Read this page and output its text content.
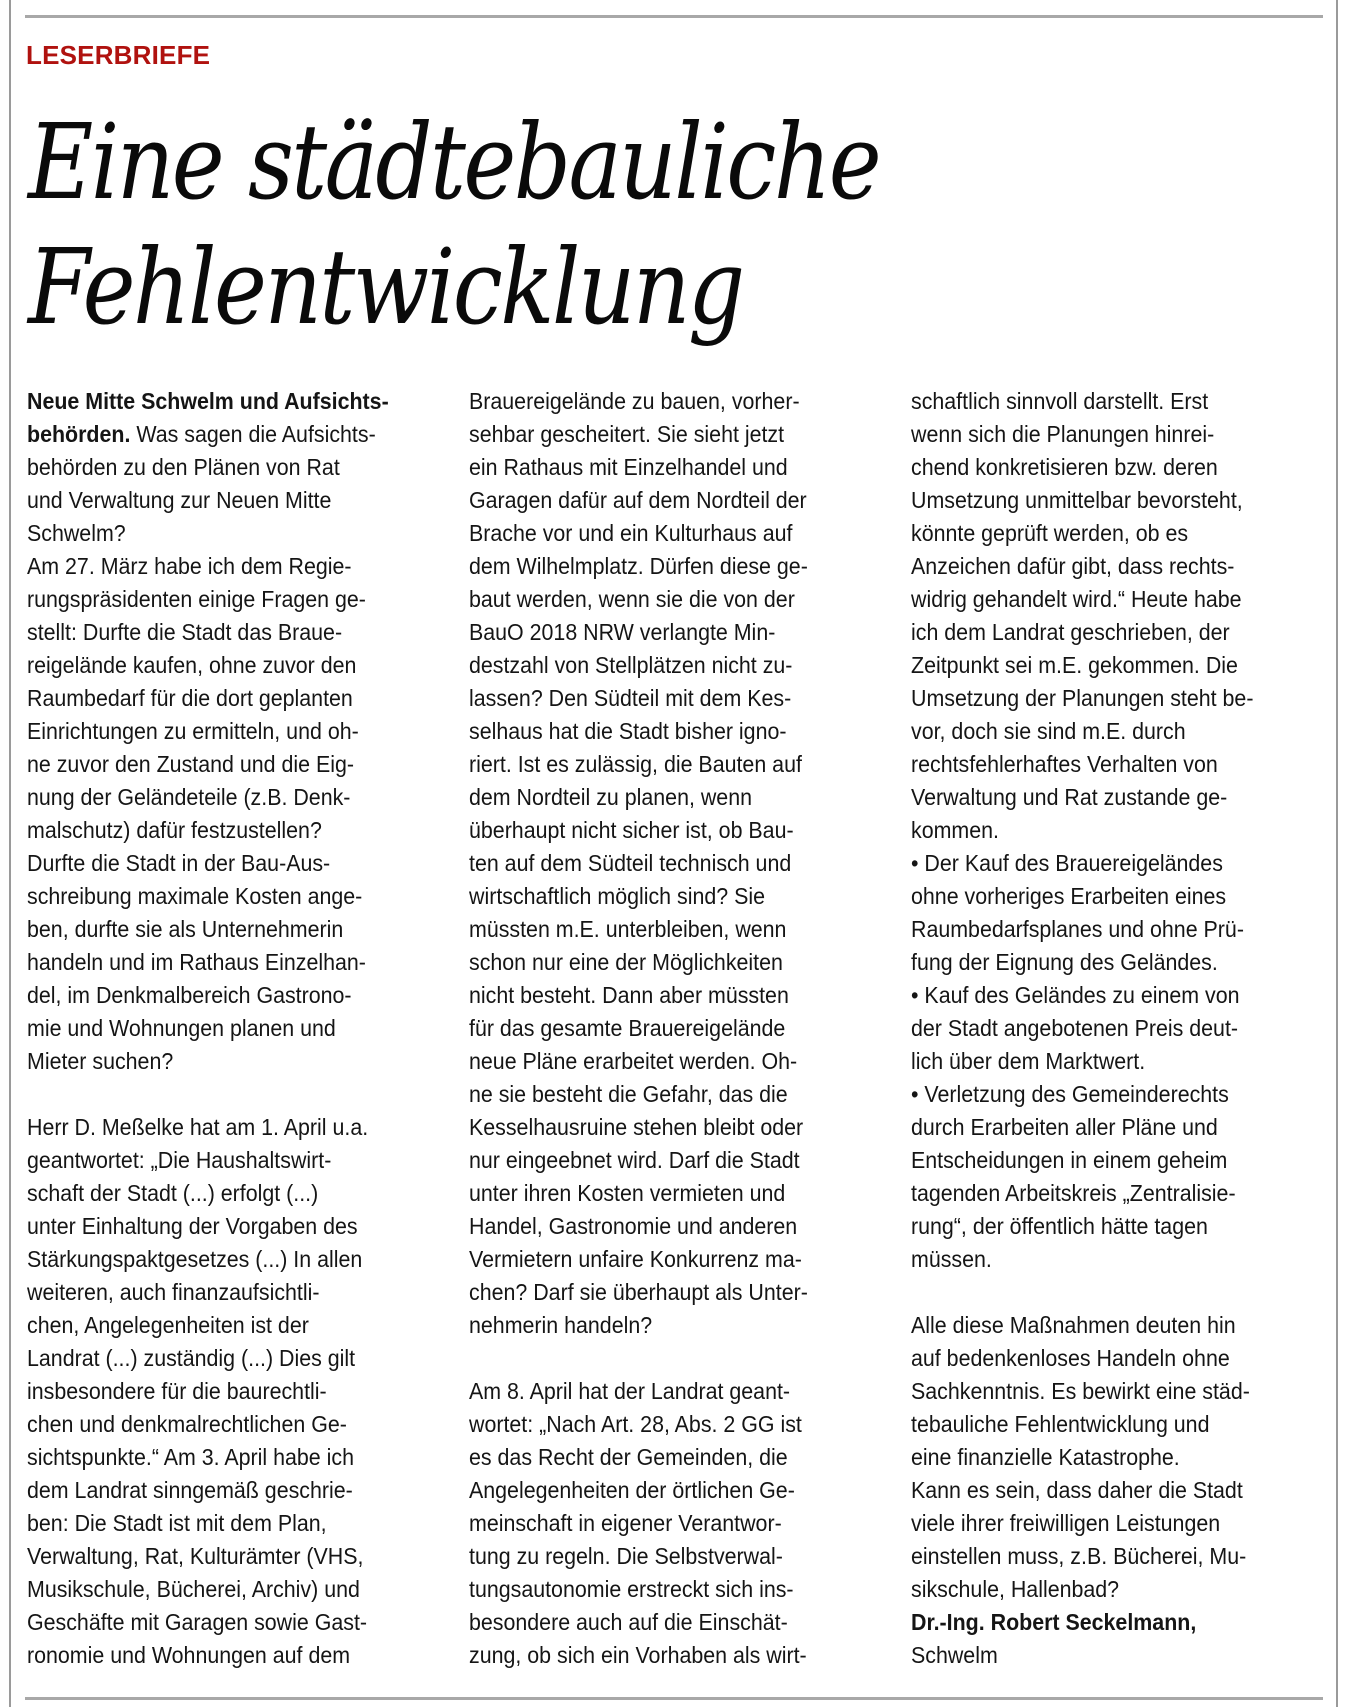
LESERBRIEFE
Eine städtebauliche
Fehlentwicklung
Neue Mitte Schwelm und Aufsichts-
behörden. Was sagen die Aufsichts-
behörden zu den Plänen von Rat
und Verwaltung zur Neuen Mitte
Schwelm?
Am 27. März habe ich dem Regie-
rungspräsidenten einige Fragen ge-
stellt: Durfte die Stadt das Braue-
reigelände kaufen, ohne zuvor den
Raumbedarf für die dort geplanten
Einrichtungen zu ermitteln, und oh-
ne zuvor den Zustand und die Eig-
nung der Geländeteile (z.B. Denk-
malschutz) dafür festzustellen?
Durfte die Stadt in der Bau-Aus-
schreibung maximale Kosten ange-
ben, durfte sie als Unternehmerin
handeln und im Rathaus Einzelhan-
del, im Denkmalbereich Gastrono-
mie und Wohnungen planen und
Mieter suchen?
Herr D. Meßelke hat am 1. April u.a.
geantwortet: „Die Haushaltswirt-
schaft der Stadt (...) erfolgt (...)
unter Einhaltung der Vorgaben des
Stärkungspaktgesetzes (...) In allen
weiteren, auch finanzaufsichtli-
chen, Angelegenheiten ist der
Landrat (...) zuständig (...) Dies gilt
insbesondere für die baurechtli-
chen und denkmalrechtlichen Ge-
sichtspunkte.“ Am 3. April habe ich
dem Landrat sinngemäß geschrie-
ben: Die Stadt ist mit dem Plan,
Verwaltung, Rat, Kulturämter (VHS,
Musikschule, Bücherei, Archiv) und
Geschäfte mit Garagen sowie Gast-
ronomie und Wohnungen auf dem
Brauereigelände zu bauen, vorher-
sehbar gescheitert. Sie sieht jetzt
ein Rathaus mit Einzelhandel und
Garagen dafür auf dem Nordteil der
Brache vor und ein Kulturhaus auf
dem Wilhelmplatz. Dürfen diese ge-
baut werden, wenn sie die von der
BauO 2018 NRW verlangte Min-
destzahl von Stellplätzen nicht zu-
lassen? Den Südteil mit dem Kes-
selhaus hat die Stadt bisher igno-
riert. Ist es zulässig, die Bauten auf
dem Nordteil zu planen, wenn
überhaupt nicht sicher ist, ob Bau-
ten auf dem Südteil technisch und
wirtschaftlich möglich sind? Sie
müssten m.E. unterbleiben, wenn
schon nur eine der Möglichkeiten
nicht besteht. Dann aber müssten
für das gesamte Brauereigelände
neue Pläne erarbeitet werden. Oh-
ne sie besteht die Gefahr, das die
Kesselhausruine stehen bleibt oder
nur eingeebnet wird. Darf die Stadt
unter ihren Kosten vermieten und
Handel, Gastronomie und anderen
Vermietern unfaire Konkurrenz ma-
chen? Darf sie überhaupt als Unter-
nehmerin handeln?
Am 8. April hat der Landrat geant-
wortet: „Nach Art. 28, Abs. 2 GG ist
es das Recht der Gemeinden, die
Angelegenheiten der örtlichen Ge-
meinschaft in eigener Verantwor-
tung zu regeln. Die Selbstverwal-
tungsautonomie erstreckt sich ins-
besondere auch auf die Einschät-
zung, ob sich ein Vorhaben als wirt-
schaftlich sinnvoll darstellt. Erst
wenn sich die Planungen hinrei-
chend konkretisieren bzw. deren
Umsetzung unmittelbar bevorsteht,
könnte geprüft werden, ob es
Anzeichen dafür gibt, dass rechts-
widrig gehandelt wird.“ Heute habe
ich dem Landrat geschrieben, der
Zeitpunkt sei m.E. gekommen. Die
Umsetzung der Planungen steht be-
vor, doch sie sind m.E. durch
rechtsfehlerhaftes Verhalten von
Verwaltung und Rat zustande ge-
kommen.
• Der Kauf des Brauereigeländes
ohne vorheriges Erarbeiten eines
Raumbedarfsplanes und ohne Prü-
fung der Eignung des Geländes.
• Kauf des Geländes zu einem von
der Stadt angebotenen Preis deut-
lich über dem Marktwert.
• Verletzung des Gemeinderechts
durch Erarbeiten aller Pläne und
Entscheidungen in einem geheim
tagenden Arbeitskreis „Zentralisie-
rung“, der öffentlich hätte tagen
müssen.
Alle diese Maßnahmen deuten hin
auf bedenkenloses Handeln ohne
Sachkenntnis. Es bewirkt eine städ-
tebauliche Fehlentwicklung und
eine finanzielle Katastrophe.
Kann es sein, dass daher die Stadt
viele ihrer freiwilligen Leistungen
einstellen muss, z.B. Bücherei, Mu-
sikschule, Hallenbad?
Dr.-Ing. Robert Seckelmann,
Schwelm
